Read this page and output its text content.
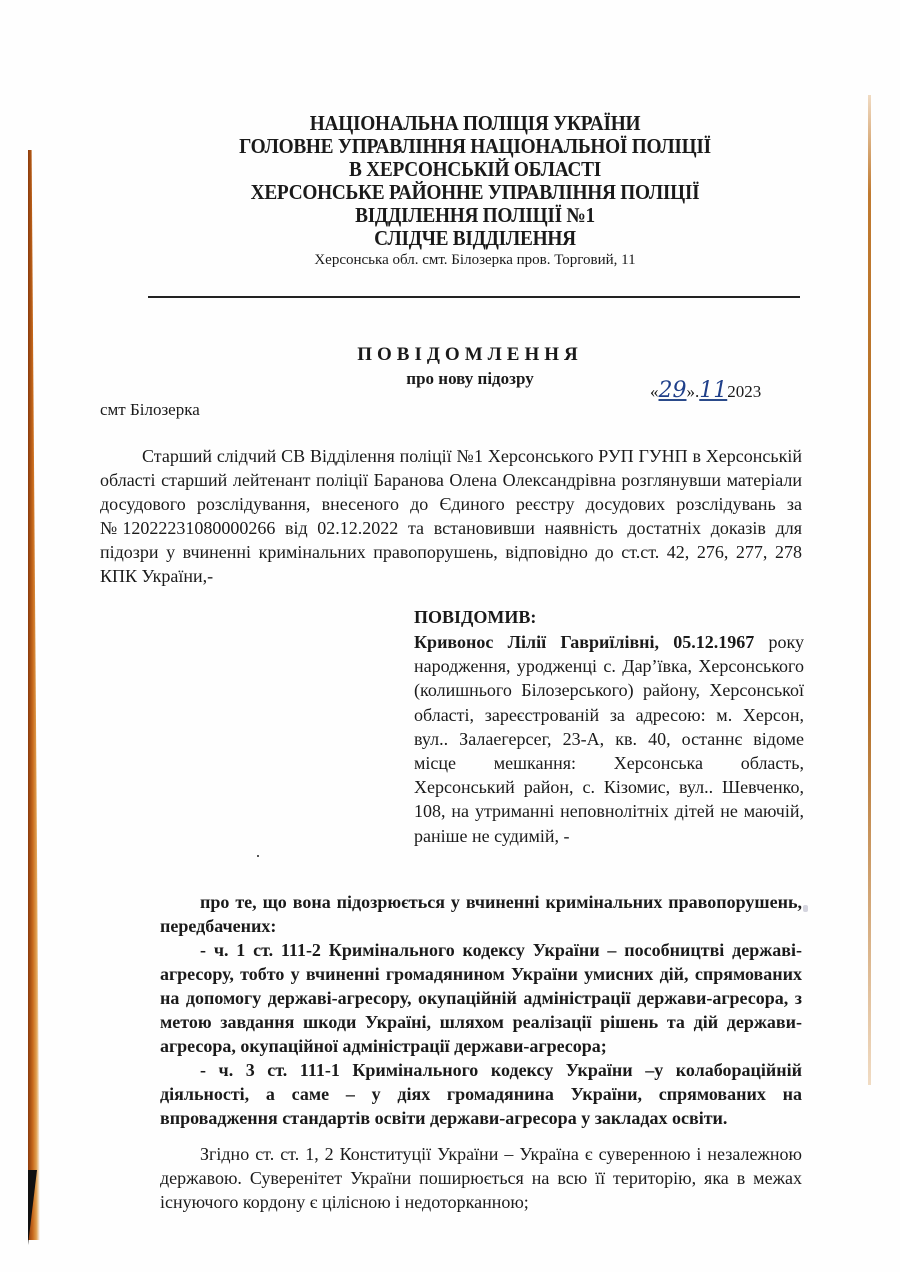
НАЦІОНАЛЬНА ПОЛІЦІЯ УКРАЇНИ
ГОЛОВНЕ УПРАВЛІННЯ НАЦІОНАЛЬНОЇ ПОЛІЦІЇ
В ХЕРСОНСЬКІЙ ОБЛАСТІ
ХЕРСОНСЬКЕ РАЙОННЕ УПРАВЛІННЯ ПОЛІЦІЇ
ВІДДІЛЕННЯ ПОЛІЦІЇ №1
СЛІДЧЕ ВІДДІЛЕННЯ
Херсонська обл. смт. Білозерка пров. Торговий, 11
ПОВІДОМЛЕННЯ
про нову підозру
смт Білозерка
«29».112023
Старший слідчий СВ Відділення поліції №1 Херсонського РУП ГУНП в Херсонській області старший лейтенант поліції Баранова Олена Олександрівна розглянувши матеріали досудового розслідування, внесеного до Єдиного реєстру досудових розслідувань за №12022231080000266 від 02.12.2022 та встановивши наявність достатніх доказів для підозри у вчиненні кримінальних правопорушень, відповідно до ст.ст. 42, 276, 277, 278 КПК України,-
ПОВІДОМИВ:
Кривонос Лілії Гавриїлівні, 05.12.1967 року народження, уродженці с. Дар’ївка, Херсонського (колишнього Білозерського) району, Херсонської області, зареєстрованій за адресою: м. Херсон, вул.. Залаегерсег, 23-А, кв. 40, останнє відоме місце мешкання: Херсонська область, Херсонський район, с. Кізомис, вул.. Шевченко, 108, на утриманні неповнолітніх дітей не маючій, раніше не судимій, -
про те, що вона підозрюється у вчиненні кримінальних правопорушень, передбачених:
- ч. 1 ст. 111-2 Кримінального кодексу України – пособництві державі-агресору, тобто у вчиненні громадянином України умисних дій, спрямованих на допомогу державі-агресору, окупаційній адміністрації держави-агресора, з метою завдання шкоди Україні, шляхом реалізації рішень та дій держави-агресора, окупаційної адміністрації держави-агресора;
- ч. 3 ст. 111-1 Кримінального кодексу України –у колабораційній діяльності, а саме – у діях громадянина України, спрямованих на впровадження стандартів освіти держави-агресора у закладах освіти.
Згідно ст. ст. 1, 2 Конституції України – Україна є суверенною і незалежною державою. Суверенітет України поширюється на всю її територію, яка в межах існуючого кордону є цілісною і недоторканною;
